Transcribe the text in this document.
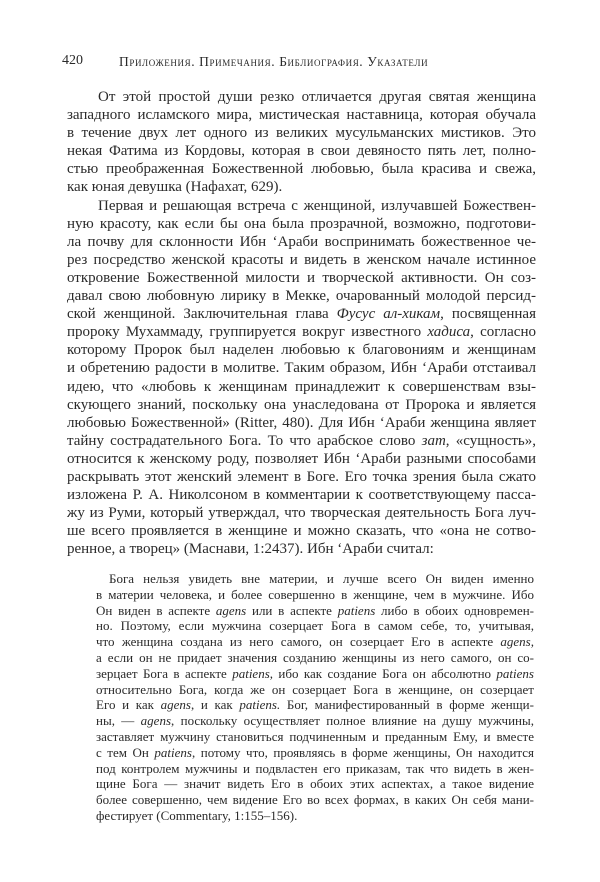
420	Приложения. Примечания. Библиография. Указатели
От этой простой души резко отличается другая святая женщина
западного исламского мира, мистическая наставница, которая обучала
в течение двух лет одного из великих мусульманских мистиков. Это
некая Фатима из Кордовы, которая в свои девяносто пять лет, полно-
стью преображенная Божественной любовью, была красива и свежа,
как юная девушка (Нафахат, 629).
Первая и решающая встреча с женщиной, излучавшей Божествен-
ную красоту, как если бы она была прозрачной, возможно, подготови-
ла почву для склонности Ибн ‘Араби воспринимать божественное че-
рез посредство женской красоты и видеть в женском начале истинное
откровение Божественной милости и творческой активности. Он соз-
давал свою любовную лирику в Мекке, очарованный молодой персид-
ской женщиной. Заключительная глава Фусус ал-хикам, посвященная
пророку Мухаммаду, группируется вокруг известного хадиса, согласно
которому Пророк был наделен любовью к благовониям и женщинам
и обретению радости в молитве. Таким образом, Ибн ‘Араби отстаивал
идею, что «любовь к женщинам принадлежит к совершенствам взы-
скующего знаний, поскольку она унаследована от Пророка и является
любовью Божественной» (Ritter, 480). Для Ибн ‘Араби женщина являет
тайну сострадательного Бога. То что арабское слово зат, «сущность»,
относится к женскому роду, позволяет Ибн ‘Араби разными способами
раскрывать этот женский элемент в Боге. Его точка зрения была сжато
изложена Р. А. Николсоном в комментарии к соответствующему пасса-
жу из Руми, который утверждал, что творческая деятельность Бога луч-
ше всего проявляется в женщине и можно сказать, что «она не сотво-
ренное, а творец» (Маснави, 1:2437). Ибн ‘Араби считал:
Бога нельзя увидеть вне материи, и лучше всего Он виден именно
в материи человека, и более совершенно в женщине, чем в мужчине. Ибо
Он виден в аспекте agens или в аспекте patiens либо в обоих одновремен-
но. Поэтому, если мужчина созерцает Бога в самом себе, то, учитывая,
что женщина создана из него самого, он созерцает Его в аспекте agens,
а если он не придает значения созданию женщины из него самого, он со-
зерцает Бога в аспекте patiens, ибо как создание Бога он абсолютно patiens
относительно Бога, когда же он созерцает Бога в женщине, он созерцает
Его и как agens, и как patiens. Бог, манифестированный в форме женщи-
ны, — agens, поскольку осуществляет полное влияние на душу мужчины,
заставляет мужчину становиться подчиненным и преданным Ему, и вместе
с тем Он patiens, потому что, проявляясь в форме женщины, Он находится
под контролем мужчины и подвластен его приказам, так что видеть в жен-
щине Бога — значит видеть Его в обоих этих аспектах, а такое видение
более совершенно, чем видение Его во всех формах, в каких Он себя мани-
фестирует (Commentary, 1:155–156).
